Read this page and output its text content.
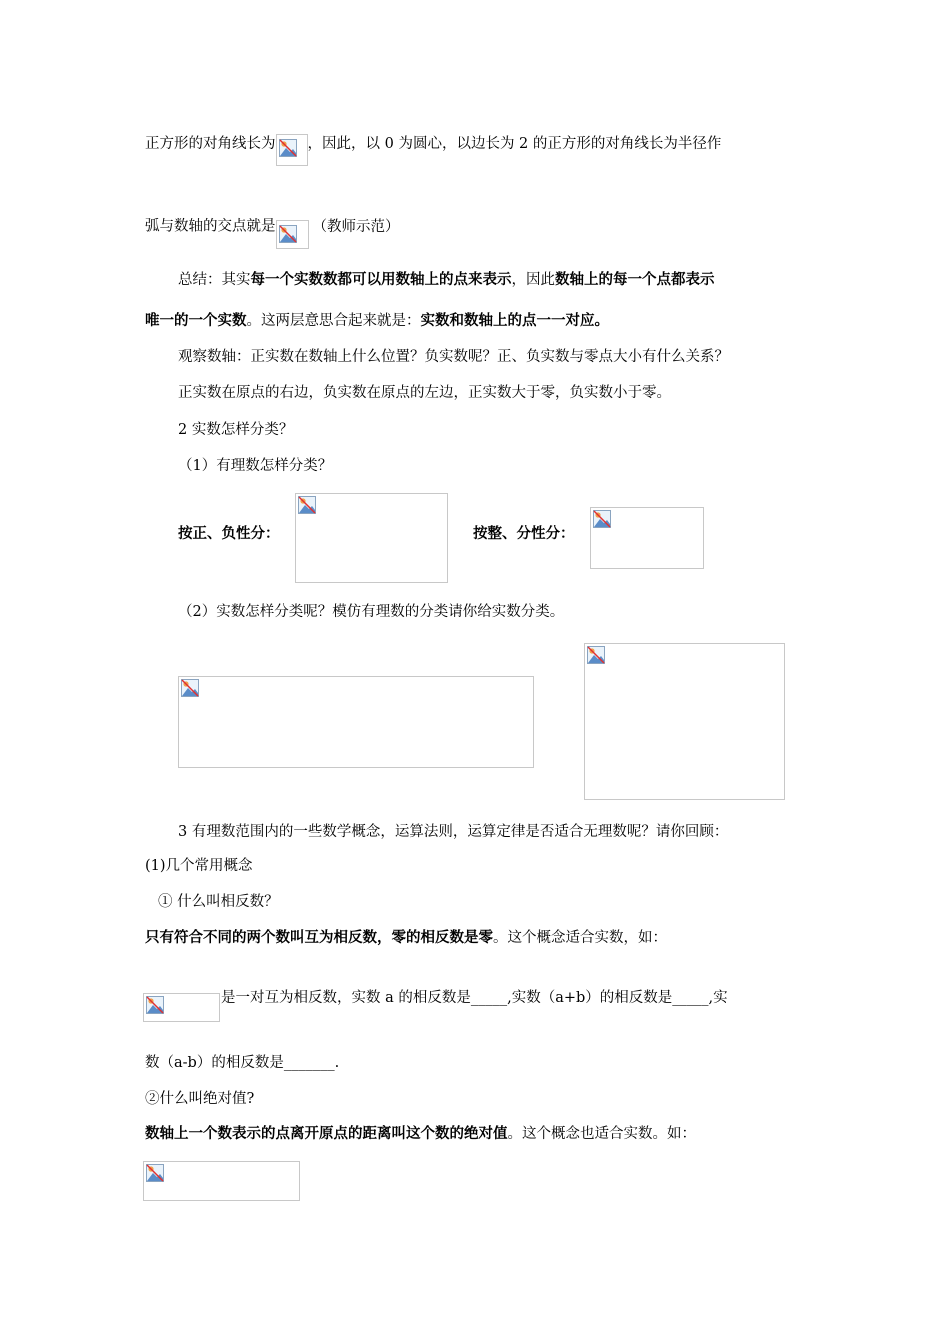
正方形的对角线长为 ，因此，以 0 为圆心，以边长为 2 的正方形的对角线长为半径作
弧与数轴的交点就是	（教师示范）
总结：其实每一个实数数都可以用数轴上的点来表示，因此数轴上的每一个点都表示
唯一的一个实数。这两层意思合起来就是：实数和数轴上的点一一对应。
观察数轴：正实数在数轴上什么位置？负实数呢？正、负实数与零点大小有什么关系？
正实数在原点的右边，负实数在原点的左边，正实数大于零，负实数小于零。
2 实数怎样分类？
（1）有理数怎样分类？
按正、负性分：	按整、分性分：
（2）实数怎样分类呢？模仿有理数的分类请你给实数分类。
3 有理数范围内的一些数学概念，运算法则，运算定律是否适合无理数呢？请你回顾：
(1)几个常用概念
① 什么叫相反数？
只有符合不同的两个数叫互为相反数，零的相反数是零。这个概念适合实数，如：
是一对互为相反数，实数 a 的相反数是_____,实数（a+b）的相反数是_____,实
数（a-b）的相反数是_______.
②什么叫绝对值?
数轴上一个数表示的点离开原点的距离叫这个数的绝对值。这个概念也适合实数。如：
